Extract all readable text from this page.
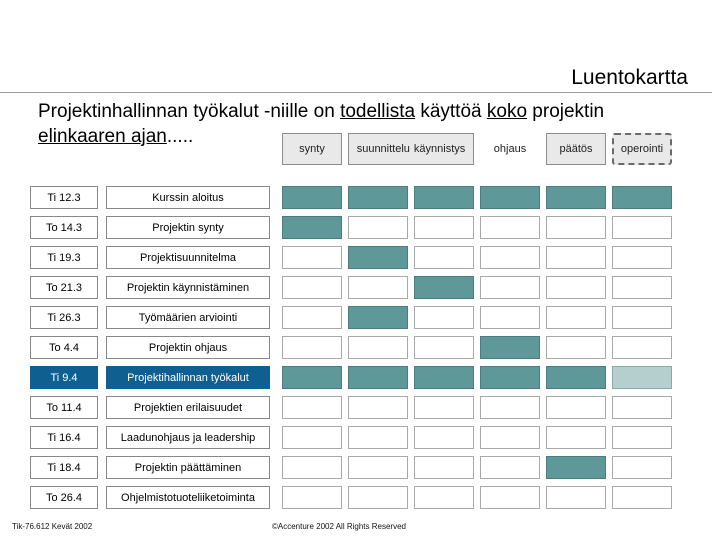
Luentokartta
Projektinhallinnan työkalut -niille on todellista käyttöä koko projektin
elinkaaren ajan.....
synty	suunnittelu käynnistys	ohjaus	päätös	operointi
Ti 12.3	Kurssin aloitus
To 14.3	Projektin synty
Ti 19.3	Projektisuunnitelma
To 21.3	Projektin käynnistäminen
Ti 26.3	Työmäärien arviointi
To 4.4	Projektin ohjaus
Ti 9.4	Projektihallinnan työkalut
To 11.4	Projektien erilaisuudet
Ti 16.4	Laadunohjaus ja leadership
Ti 18.4	Projektin päättäminen
To 26.4	Ohjelmistotuoteliiketoiminta
Tik-76.612 Kevät 2002	©Accenture 2002 All Rights Reserved
